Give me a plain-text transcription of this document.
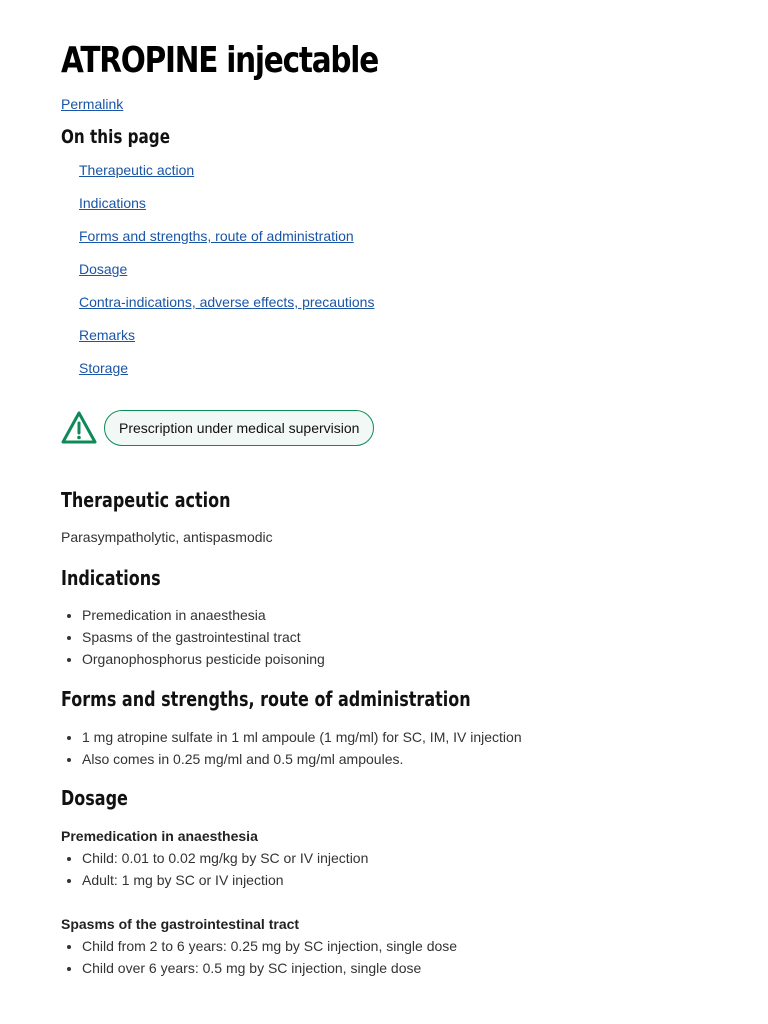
ATROPINE injectable
Permalink
On this page
Therapeutic action
Indications
Forms and strengths, route of administration
Dosage
Contra-indications, adverse effects, precautions
Remarks
Storage
Prescription under medical supervision
Therapeutic action

Parasympatholytic, antispasmodic

Indications
• Premedication in anaesthesia
• Spasms of the gastrointestinal tract
• Organophosphorus pesticide poisoning
Forms and strengths, route of administration
• 1 mg atropine sulfate in 1 ml ampoule (1 mg/ml) for SC, IM, IV injection
• Also comes in 0.25 mg/ml and 0.5 mg/ml ampoules.
Dosage

Premedication in anaesthesia

• Child: 0.01 to 0.02 mg/kg by SC or IV injection
• Adult: 1 mg by SC or IV injection

Spasms of the gastrointestinal tract

• Child from 2 to 6 years: 0.25 mg by SC injection, single dose
• Child over 6 years: 0.5 mg by SC injection, single dose
